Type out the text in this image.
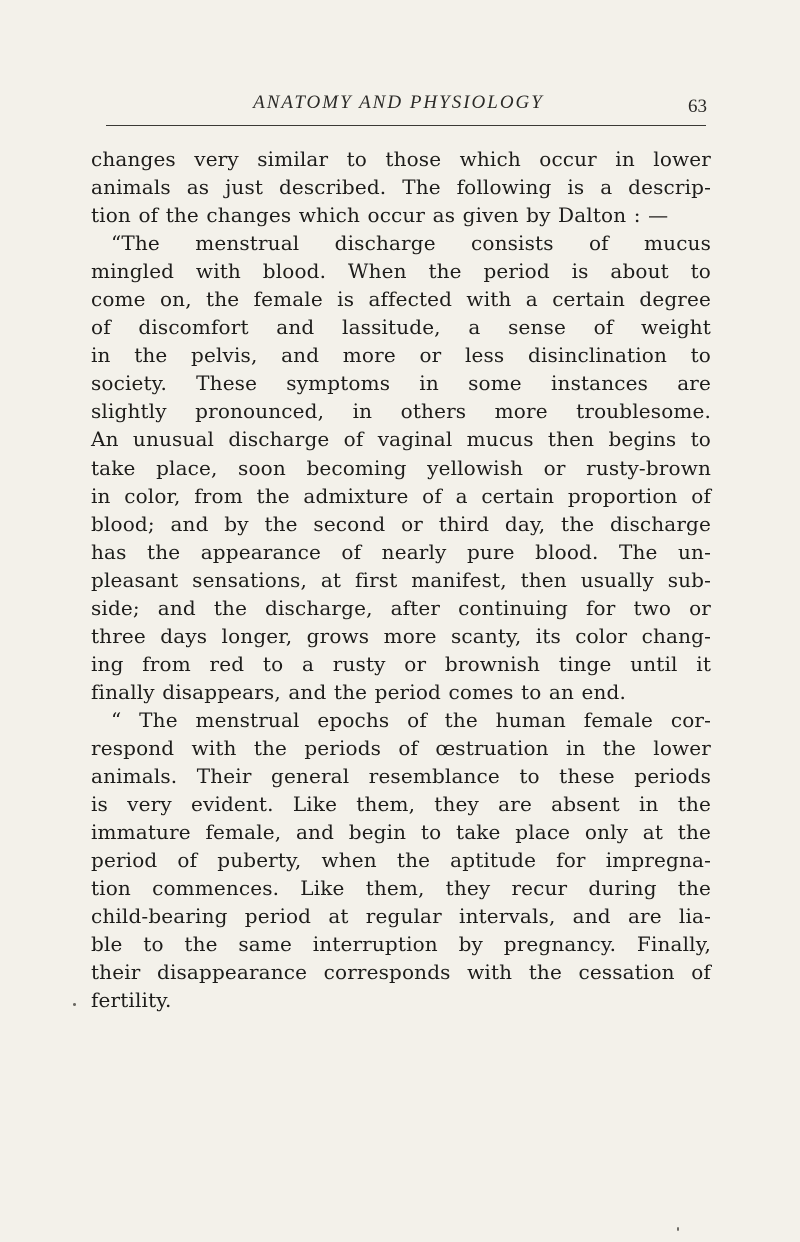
ANATOMY AND PHYSIOLOGY	63
changes very similar to those which occur in lower
animals as just described. The following is a descrip-
tion of the changes which occur as given by Dalton : —
“The menstrual discharge consists of mucus
mingled with blood. When the period is about to
come on, the female is affected with a certain degree
of discomfort and lassitude, a sense of weight
in the pelvis, and more or less disinclination to
society. These symptoms in some instances are
slightly pronounced, in others more troublesome.
An unusual discharge of vaginal mucus then begins to
take place, soon becoming yellowish or rusty-brown
in color, from the admixture of a certain proportion of
blood; and by the second or third day, the discharge
has the appearance of nearly pure blood. The un-
pleasant sensations, at first manifest, then usually sub-
side; and the discharge, after continuing for two or
three days longer, grows more scanty, its color chang-
ing from red to a rusty or brownish tinge until it
finally disappears, and the period comes to an end.
“ The menstrual epochs of the human female cor-
respond with the periods of œstruation in the lower
animals. Their general resemblance to these periods
is very evident. Like them, they are absent in the
immature female, and begin to take place only at the
period of puberty, when the aptitude for impregna-
tion commences. Like them, they recur during the
child-bearing period at regular intervals, and are lia-
ble to the same interruption by pregnancy. Finally,
their disappearance corresponds with the cessation of
fertility.
